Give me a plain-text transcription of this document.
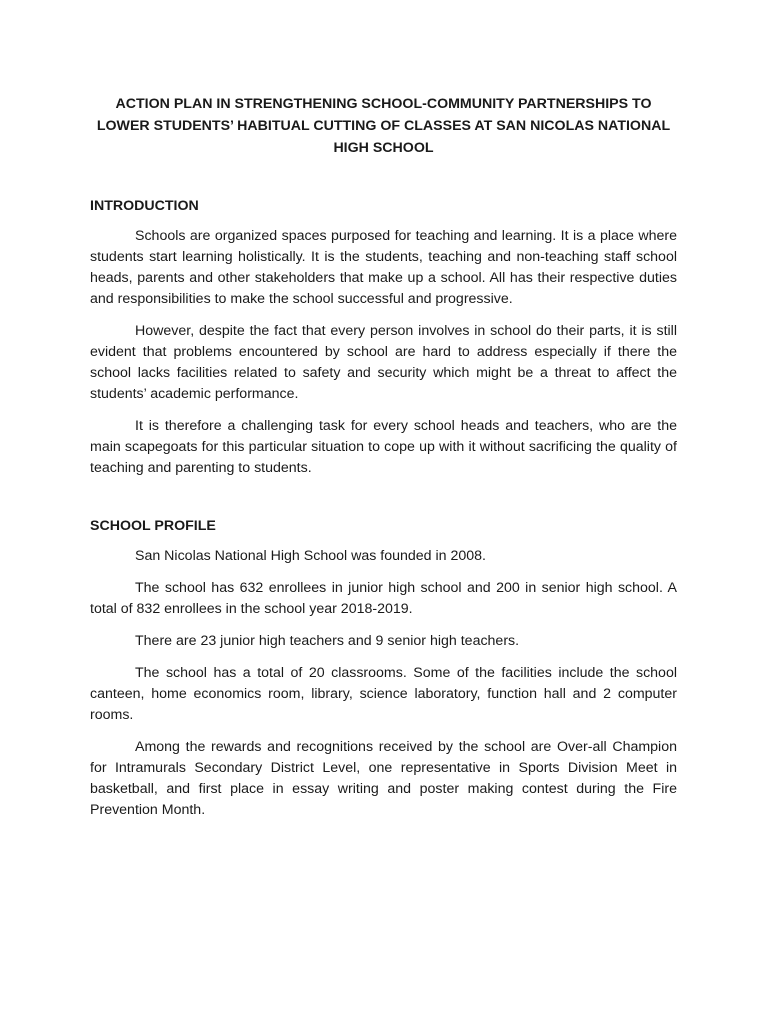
ACTION PLAN IN STRENGTHENING SCHOOL-COMMUNITY PARTNERSHIPS TO LOWER STUDENTS’ HABITUAL CUTTING OF CLASSES AT SAN NICOLAS NATIONAL HIGH SCHOOL
INTRODUCTION

Schools are organized spaces purposed for teaching and learning. It is a place where students start learning holistically. It is the students, teaching and non-teaching staff school heads, parents and other stakeholders that make up a school. All has their respective duties and responsibilities to make the school successful and progressive.

However, despite the fact that every person involves in school do their parts, it is still evident that problems encountered by school are hard to address especially if there the school lacks facilities related to safety and security which might be a threat to affect the students’ academic performance.

It is therefore a challenging task for every school heads and teachers, who are the main scapegoats for this particular situation to cope up with it without sacrificing the quality of teaching and parenting to students.

SCHOOL PROFILE

San Nicolas National High School was founded in 2008.

The school has 632 enrollees in junior high school and 200 in senior high school. A total of 832 enrollees in the school year 2018-2019.

There are 23 junior high teachers and 9 senior high teachers.

The school has a total of 20 classrooms. Some of the facilities include the school canteen, home economics room, library, science laboratory, function hall and 2 computer rooms.

Among the rewards and recognitions received by the school are Over-all Champion for Intramurals Secondary District Level, one representative in Sports Division Meet in basketball, and first place in essay writing and poster making contest during the Fire Prevention Month.
